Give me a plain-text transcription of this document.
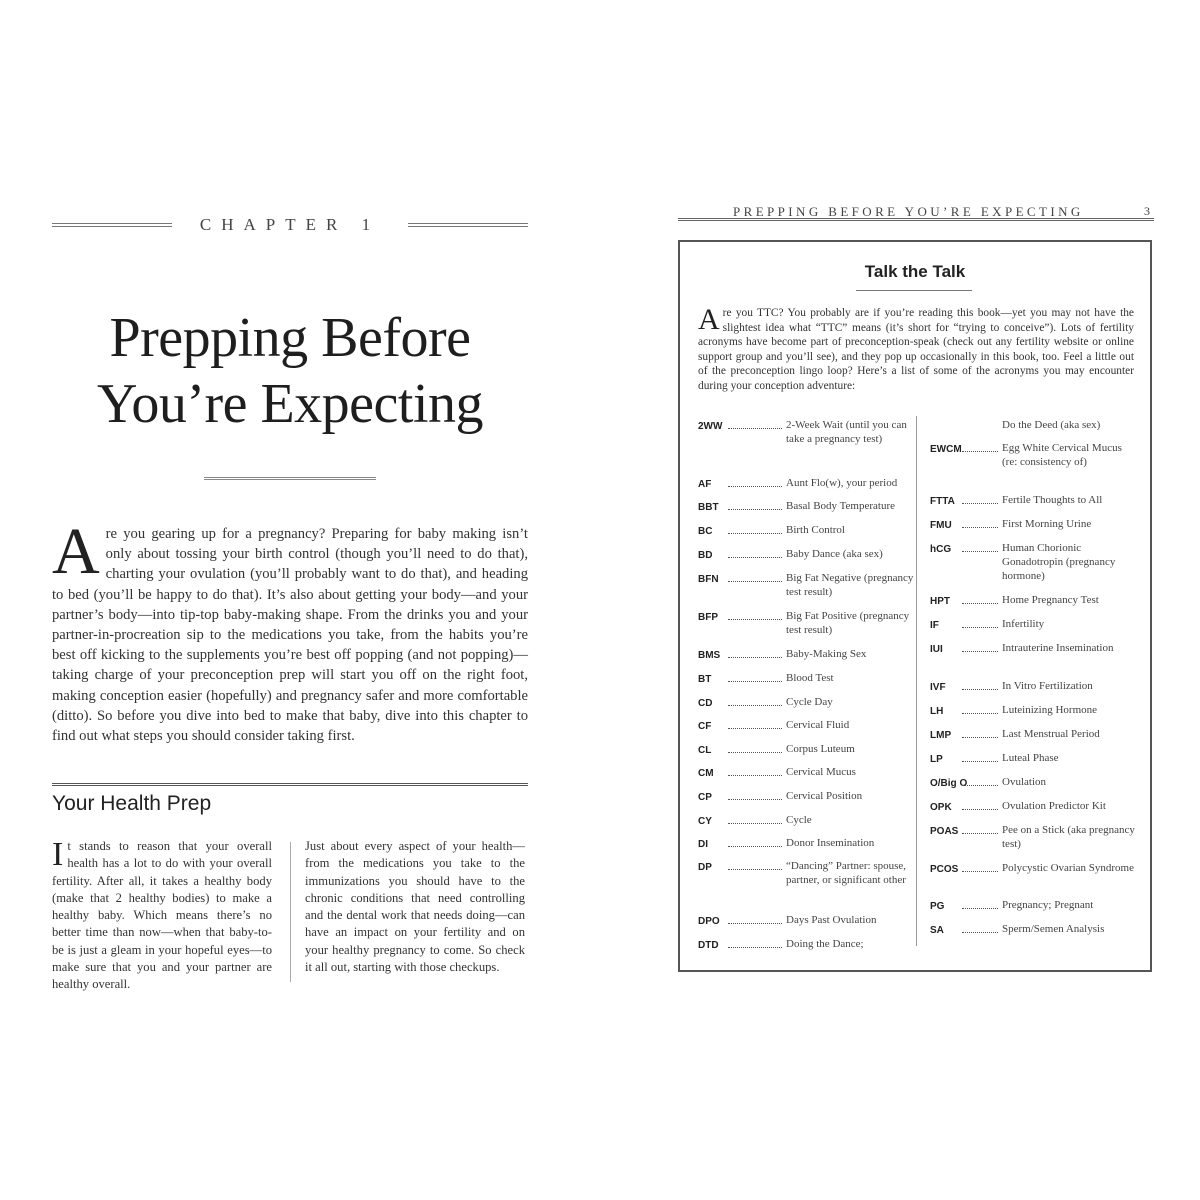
CHAPTER 1
Prepping Before
You’re Expecting
Are you gearing up for a pregnancy? Preparing for baby making isn’t only about tossing your birth control (though you’ll need to do that), charting your ovulation (you’ll probably want to do that), and heading to bed (you’ll be happy to do that). It’s also about getting your body—and your partner’s body—into tip-top baby-making shape. From the drinks you and your partner-in-procreation sip to the medications you take, from the habits you’re best off kicking to the supplements you’re best off popping (and not popping)—taking charge of your preconception prep will start you off on the right foot, making conception easier (hopefully) and pregnancy safer and more comfortable (ditto). So before you dive into bed to make that baby, dive into this chapter to find out what steps you should consider taking first.
Your Health Prep
It stands to reason that your overall health has a lot to do with your overall fertility. After all, it takes a healthy body (make that 2 healthy bodies) to make a healthy baby. Which means there’s no better time than now—when that baby-to-be is just a gleam in your hopeful eyes—to make sure that you and your partner are healthy overall.
Just about every aspect of your health—from the medications you take to the immunizations you should have to the chronic conditions that need controlling and the dental work that needs doing—can have an impact on your fertility and on your healthy pregnancy to come. So check it all out, starting with those checkups.
PREPPING BEFORE YOU’RE EXPECTING	3
Talk the Talk
Are you TTC? You probably are if you’re reading this book—yet you may not have the slightest idea what “TTC” means (it’s short for “trying to conceive”). Lots of fertility acronyms have become part of preconception-speak (check out any fertility website or online support group and you’ll see), and they pop up occasionally in this book, too. Feel a little out of the preconception lingo loop? Here’s a list of some of the acronyms you may encounter during your conception adventure:
2WW	2-Week Wait (until you can take a pregnancy test)
AF	Aunt Flo(w), your period
BBT	Basal Body Temperature
BC	Birth Control
BD	Baby Dance (aka sex)
BFN	Big Fat Negative (pregnancy test result)
BFP	Big Fat Positive (pregnancy test result)
BMS	Baby-Making Sex
BT	Blood Test
CD	Cycle Day
CF	Cervical Fluid
CL	Corpus Luteum
CM	Cervical Mucus
CP	Cervical Position
CY	Cycle
DI	Donor Insemination
DP	“Dancing” Partner: spouse, partner, or significant other
DPO	Days Past Ovulation
DTD	Doing the Dance;
Do the Deed (aka sex)
EWCM	Egg White Cervical Mucus (re: consistency of)
FTTA	Fertile Thoughts to All
FMU	First Morning Urine
hCG	Human Chorionic Gonadotropin (pregnancy hormone)
HPT	Home Pregnancy Test
IF	Infertility
IUI	Intrauterine Insemination
IVF	In Vitro Fertilization
LH	Luteinizing Hormone
LMP	Last Menstrual Period
LP	Luteal Phase
O/Big O	Ovulation
OPK	Ovulation Predictor Kit
POAS	Pee on a Stick (aka pregnancy test)
PCOS	Polycystic Ovarian Syndrome
PG	Pregnancy; Pregnant
SA	Sperm/Semen Analysis
